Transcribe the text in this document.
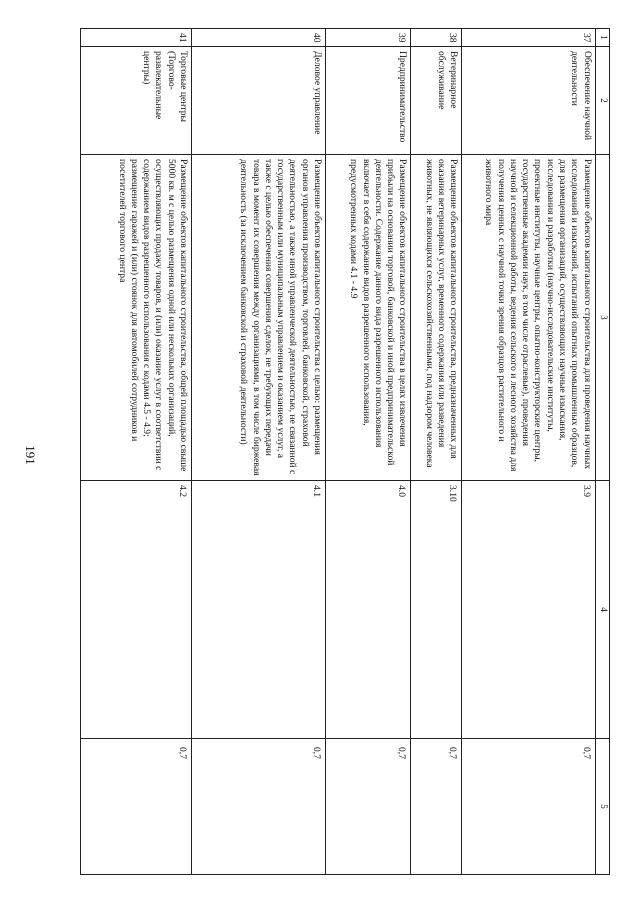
191
1	2	3	4	5
37	Обеспечение научной деятельности	Размещение объектов капитального строительства для проведения научных исследований и изысканий, испытаний опытных промышленных образцов, для размещения организаций, осуществляющих научные изыскания, исследования и разработки (научно-исследовательские институты, проектные институты, научные центры, опытно-конструкторские центры, государственные академии наук, в том числе отраслевые), проведения научной и селекционной работы, ведения сельского и лесного хозяйства для получения ценных с научной точки зрения образцов растительного и животного мира	3.9	0,7
38	Ветеринарное обслуживание	Размещение объектов капитального строительства, предназначенных для оказания ветеринарных услуг, временного содержания или разведения животных, не являющихся сельскохозяйственными, под надзором человека	3.10	0,7
39	Предпринимательство	Размещение объектов капитального строительства в целях извлечения прибыли на основании торговой, банковской и иной предпринимательской деятельности. Содержание данного вида разрешенного использования включает в себя содержание видов разрешенного использования, предусмотренных кодами 4.1 - 4.9	4.0	0,7
40	Деловое управление	Размещение объектов капитального строительства с целью: размещения органов управления производством, торговлей, банковской, страховой деятельностью, а также иной управленческой деятельностью, не связанной с государственным или муниципальным управлением и оказанием услуг, а также с целью обеспечения совершения сделок, не требующих передачи товара в момент их совершения между организациями, в том числе биржевая деятельность (за исключением банковской и страховой деятельности)	4.1	0,7
41	Торговые центры (Торгово-развлекательные центры)	Размещение объектов капитального строительства, общей площадью свыше 5000 кв. м с целью размещения одной или нескольких организаций, осуществляющих продажу товаров, и (или) оказание услуг в соответствии с содержанием видов разрешенного использования с кодами 4.5 - 4.9; размещение гаражей и (или) стоянок для автомобилей сотрудников и посетителей торгового центра	4.2	0,7
